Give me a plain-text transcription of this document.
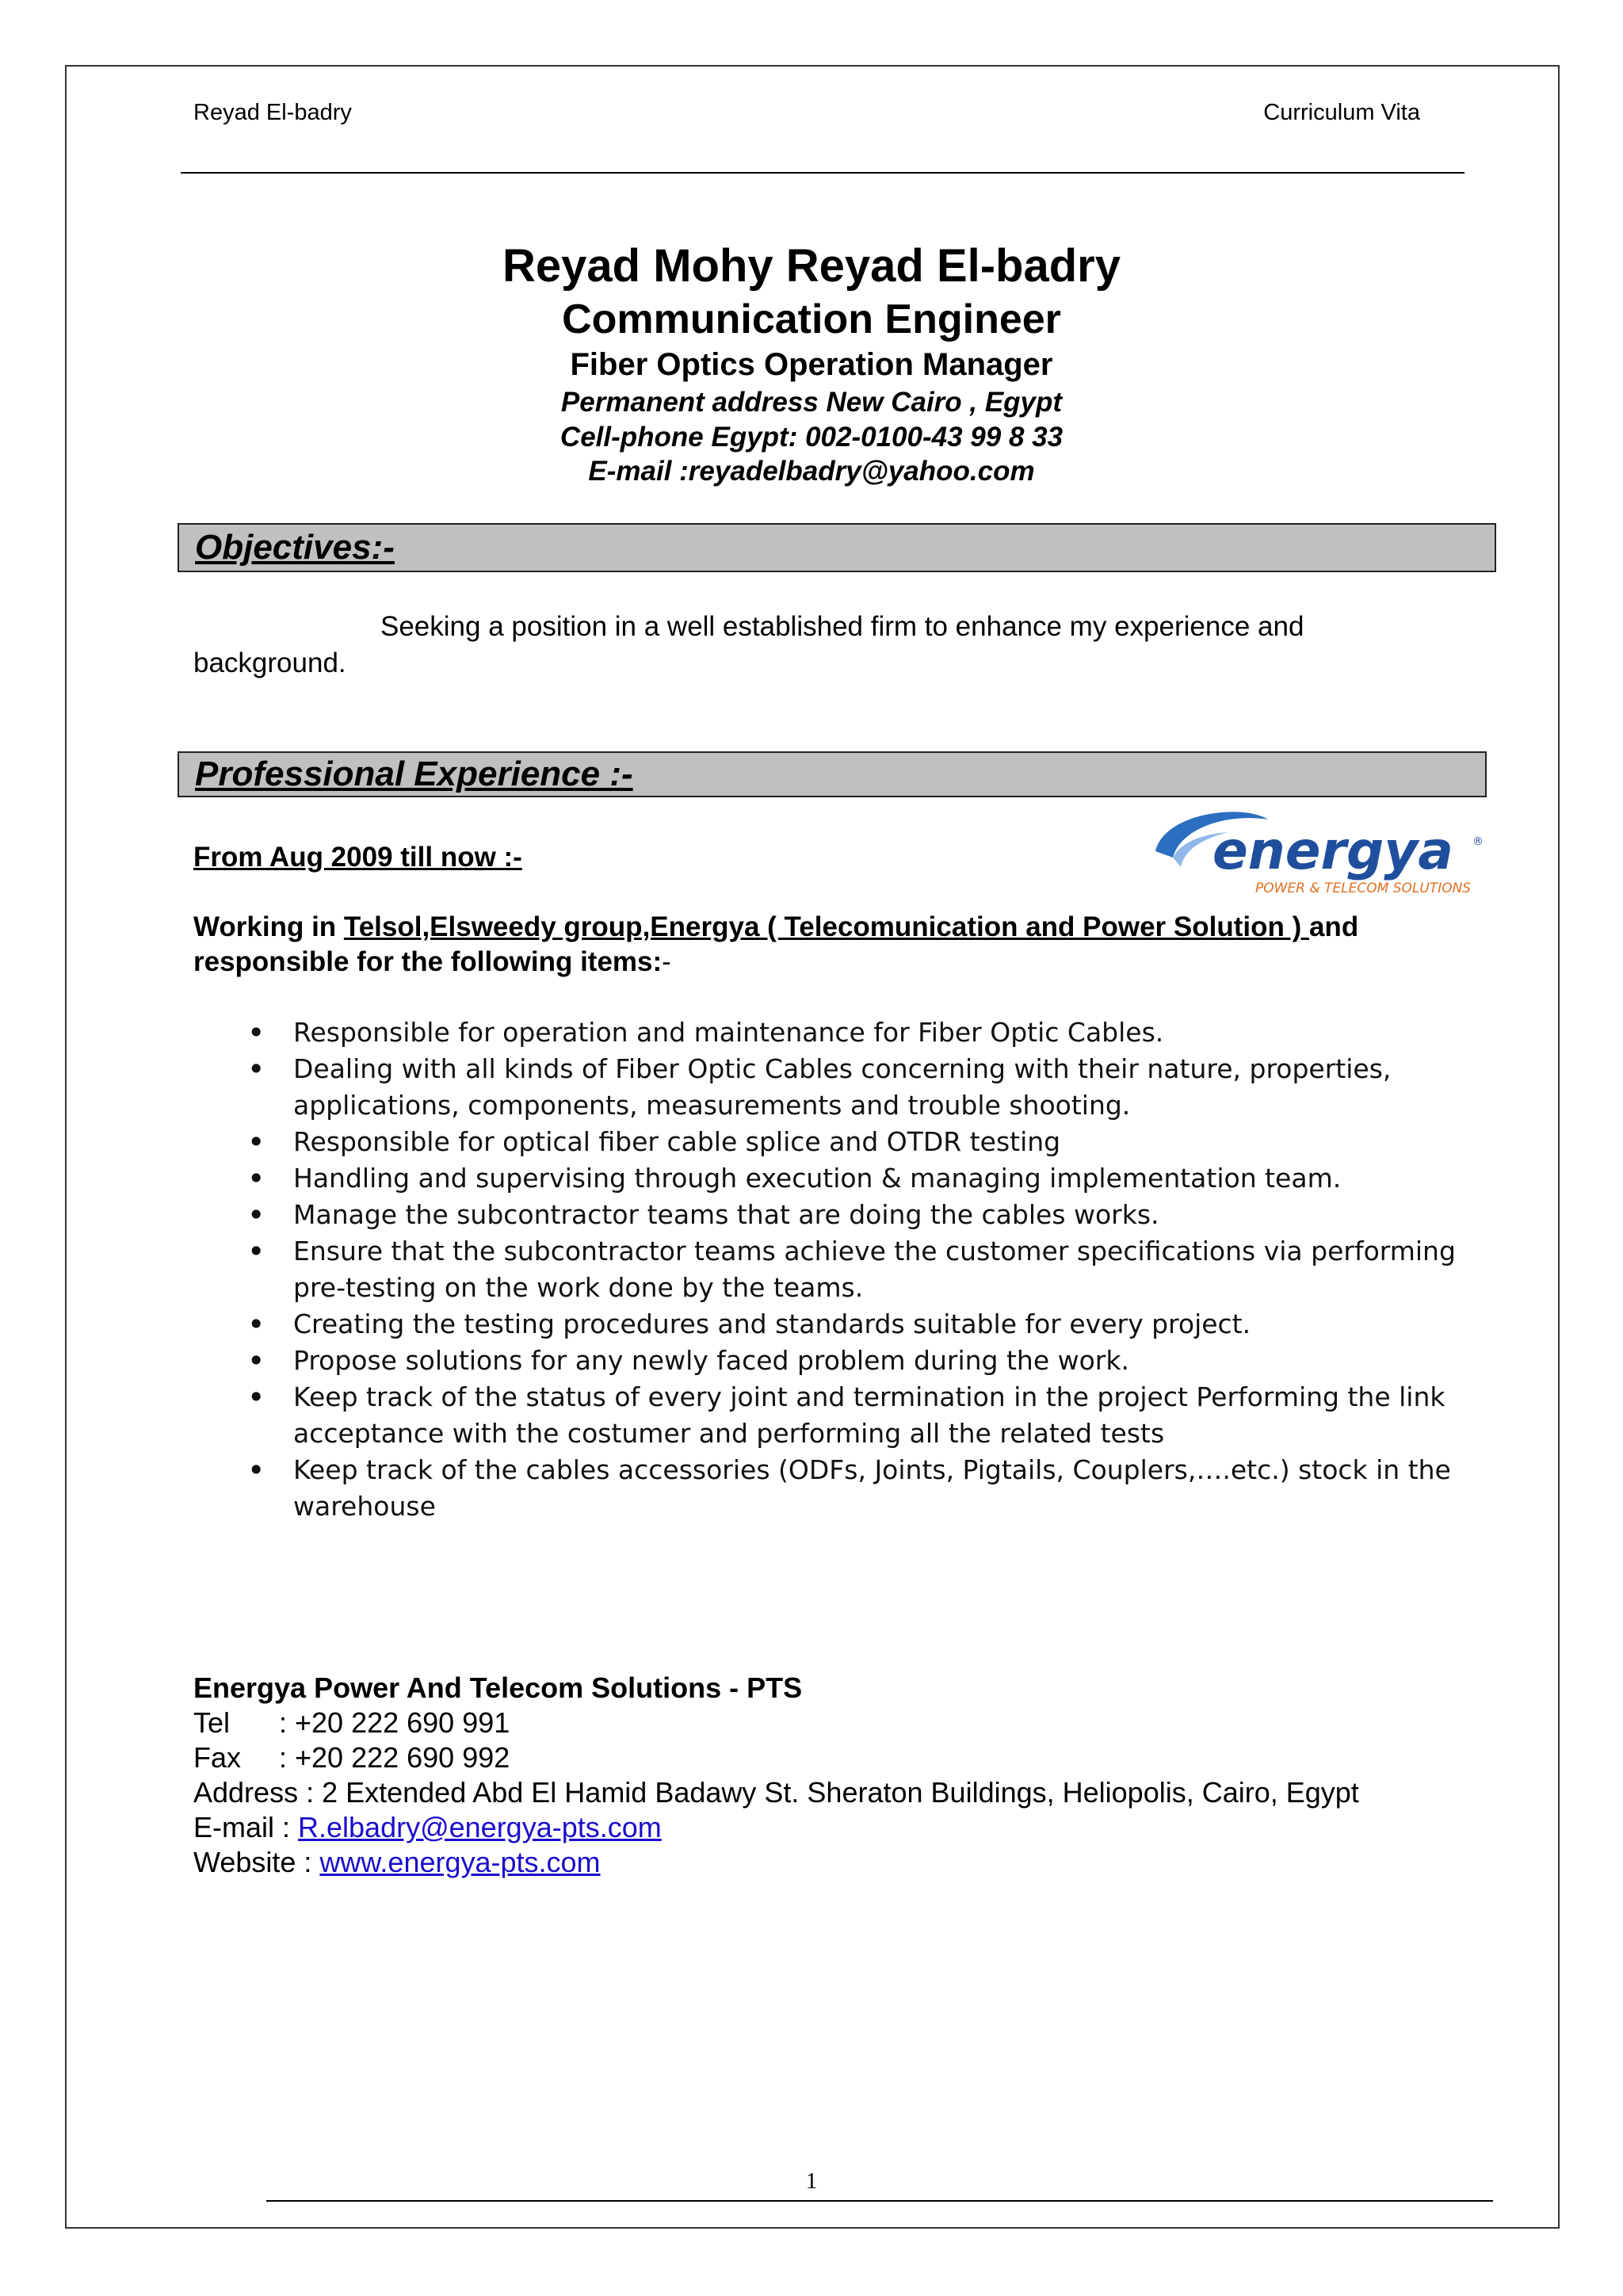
Reyad El-badry	Curriculum Vita
Reyad Mohy Reyad El-badry
Communication Engineer
Fiber Optics Operation Manager
Permanent address New Cairo , Egypt
Cell-phone Egypt: 002-0100-43 99 8 33
E-mail :reyadelbadry@yahoo.com
Objectives:-
Seeking a position in a well established firm to enhance my experience and background.
Professional Experience :-
From Aug 2009 till now :-	energya ®
POWER & TELECOM SOLUTIONS
Working in Telsol,Elsweedy group,Energya ( Telecomunication and Power Solution ) and responsible for the following items:-
• Responsible for operation and maintenance for Fiber Optic Cables.
• Dealing with all kinds of Fiber Optic Cables concerning with their nature, properties, applications, components, measurements and trouble shooting.
• Responsible for optical fiber cable splice and OTDR testing
• Handling and supervising through execution & managing implementation team.
• Manage the subcontractor teams that are doing the cables works.
• Ensure that the subcontractor teams achieve the customer specifications via performing pre-testing on the work done by the teams.
• Creating the testing procedures and standards suitable for every project.
• Propose solutions for any newly faced problem during the work.
• Keep track of the status of every joint and termination in the project Performing the link acceptance with the costumer and performing all the related tests
• Keep track of the cables accessories (ODFs, Joints, Pigtails, Couplers,….etc.) stock in the warehouse
Energya Power And Telecom Solutions - PTS
Tel : +20 222 690 991
Fax : +20 222 690 992
Address : 2 Extended Abd El Hamid Badawy St. Sheraton Buildings, Heliopolis, Cairo, Egypt
E-mail : R.elbadry@energya-pts.com
Website : www.energya-pts.com
1
